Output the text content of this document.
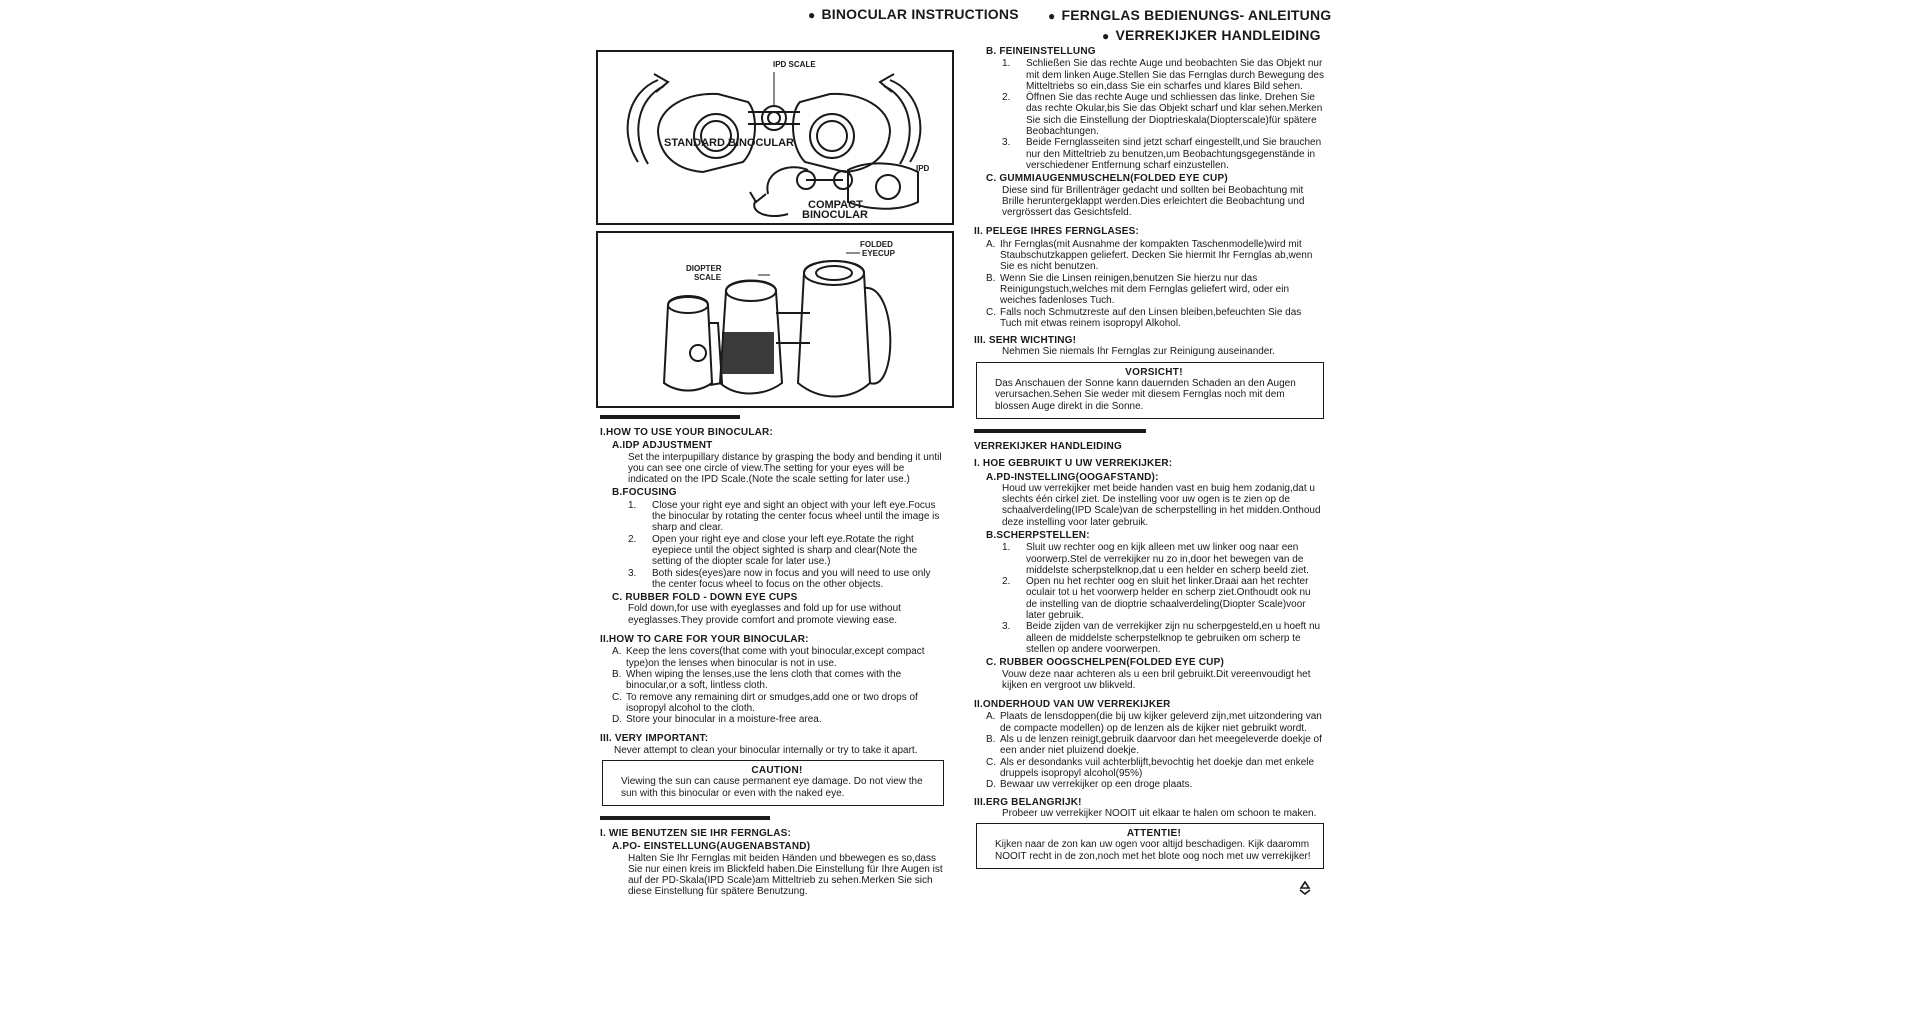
● BINOCULAR INSTRUCTIONS
●	FERNGLAS BEDIENUNGS- ANLEITUNG
● VERREKIJKER HANDLEIDING
IPD SCALE
STANDARD BINOCULAR
IPD
COMPACT
BINOCULAR
FOLDED
EYECUP
DIOPTER
SCALE
I.HOW TO USE YOUR BINOCULAR:
A.IDP ADJUSTMENT
Set the interpupillary distance by grasping the body and bending it until you can see one circle of view.The setting for your eyes will be indicated on the IPD Scale.(Note the scale setting for later use.)
B.FOCUSING
1. Close your right eye and sight an object with your left eye.Focus the binocular by rotating the center focus wheel until the image is sharp and clear.
2. Open your right eye and close your left eye.Rotate the right eyepiece until the object sighted is sharp and clear(Note the setting of the diopter scale for later use.)
3. Both sides(eyes)are now in focus and you will need to use only the center focus wheel to focus on the other objects.
C. RUBBER FOLD - DOWN EYE CUPS
Fold down,for use with eyeglasses and fold up for use without eyeglasses.They provide comfort and promote viewing ease.
II.HOW TO CARE FOR YOUR BINOCULAR:
A. Keep the lens covers(that come with yout binocular,except compact type)on the lenses when binocular is not in use.
B. When wiping the lenses,use the lens cloth that comes with the binocular,or a soft, lintless cloth.
C. To remove any remaining dirt or smudges,add one or two drops of isopropyl alcohol to the cloth.
D. Store your binocular in a moisture-free area.
III. VERY IMPORTANT:
Never attempt to clean your binocular internally or try to take it apart.
CAUTION!
Viewing the sun can cause permanent eye damage. Do not view the sun with this binocular or even with the naked eye.
I. WIE BENUTZEN SIE IHR FERNGLAS:
A.PO- EINSTELLUNG(AUGENABSTAND)
Halten Sie Ihr Fernglas mit beiden Händen und bbewegen es so,dass Sie nur einen kreis im Blickfeld haben.Die Einstellung für Ihre Augen ist auf der PD-Skala(IPD Scale)am Mitteltrieb zu sehen.Merken Sie sich diese Einstellung für spätere Benutzung.
B. FEINEINSTELLUNG
1. Schließen Sie das rechte Auge und beobachten Sie das Objekt nur mit dem linken Auge.Stellen Sie das Fernglas durch Bewegung des Mitteltriebs so ein,dass Sie ein scharfes und klares Bild sehen.
2. Öffnen Sie das rechte Auge und schliessen das linke. Drehen Sie das rechte Okular,bis Sie das Objekt scharf und klar sehen.Merken Sie sich die Einstellung der Dioptrieskala(Diopterscale)für spätere Beobachtungen.
3. Beide Fernglasseiten sind jetzt scharf eingestellt,und Sie brauchen nur den Mitteltrieb zu benutzen,um Beobachtungsgegenstände in verschiedener Entfernung scharf einzustellen.
C. GUMMIAUGENMUSCHELN(FOLDED EYE CUP)
Diese sind für Brillenträger gedacht und sollten bei Beobachtung mit Brille heruntergeklappt werden.Dies erleichtert die Beobachtung und vergrössert das Gesichtsfeld.
II. PELEGE IHRES FERNGLASES:
A. Ihr Fernglas(mit Ausnahme der kompakten Taschenmodelle)wird mit Staubschutzkappen geliefert. Decken Sie hiermit Ihr Fernglas ab,wenn Sie es nicht benutzen.
B. Wenn Sie die Linsen reinigen,benutzen Sie hierzu nur das Reinigungstuch,welches mit dem Fernglas geliefert wird, oder ein weiches fadenloses Tuch.
C. Falls noch Schmutzreste auf den Linsen bleiben,befeuchten Sie das Tuch mit etwas reinem isopropyl Alkohol.
III. SEHR WICHTING!
Nehmen Sie niemals Ihr Fernglas zur Reinigung auseinander.
VORSICHT!
Das Anschauen der Sonne kann dauernden Schaden an den Augen verursachen.Sehen Sie weder mit diesem Fernglas noch mit dem blossen Auge direkt in die Sonne.
VERREKIJKER HANDLEIDING
I. HOE GEBRUIKT U UW VERREKIJKER:
A.PD-INSTELLING(OOGAFSTAND):
Houd uw verrekijker met beide handen vast en buig hem zodanig,dat u slechts één cirkel ziet. De instelling voor uw ogen is te zien op de schaalverdeling(IPD Scale)van de scherpstelling in het midden.Onthoud deze instelling voor later gebruik.
B.SCHERPSTELLEN:
1. Sluit uw rechter oog en kijk alleen met uw linker oog naar een voorwerp.Stel de verrekijker nu zo in,door het bewegen van de middelste scherpstelknop,dat u een helder en scherp beeld ziet.
2. Open nu het rechter oog en sluit het linker.Draai aan het rechter oculair tot u het voorwerp helder en scherp ziet.Onthoudt ook nu de instelling van de dioptrie schaalverdeling(Diopter Scale)voor later gebruik.
3. Beide zijden van de verrekijker zijn nu scherpgesteld,en u hoeft nu alleen de middelste scherpstelknop te gebruiken om scherp te stellen op andere voorwerpen.
C. RUBBER OOGSCHELPEN(FOLDED EYE CUP)
Vouw deze naar achteren als u een bril gebruikt.Dit vereenvoudigt het kijken en vergroot uw blikveld.
II.ONDERHOUD VAN UW VERREKIJKER
A. Plaats de lensdoppen(die bij uw kijker geleverd zijn,met uitzondering van de compacte modellen) op de lenzen als de kijker niet gebruikt wordt.
B. Als u de lenzen reinigt,gebruik daarvoor dan het meegeleverde doekje of een ander niet pluizend doekje.
C. Als er desondanks vuil achterblijft,bevochtig het doekje dan met enkele druppels isopropyl alcohol(95%)
D. Bewaar uw verrekijker op een droge plaats.
III.ERG BELANGRIJK!
Probeer uw verrekijker NOOIT uit elkaar te halen om schoon te maken.
ATTENTIE!
Kijken naar de zon kan uw ogen voor altijd beschadigen. Kijk daaromm NOOIT recht in de zon,noch met het blote oog noch met uw verrekijker!
